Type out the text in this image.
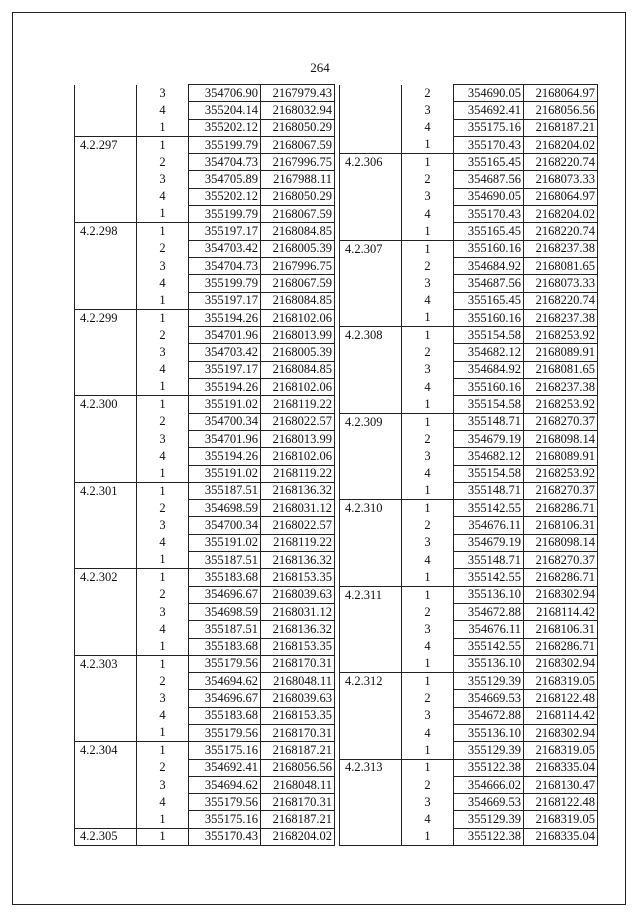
264
	3	354706.90	2167979.43
	4	355204.14	2168032.94
	1	355202.12	2168050.29
4.2.297	1	355199.79	2168067.59
	2	354704.73	2167996.75
	3	354705.89	2167988.11
	4	355202.12	2168050.29
	1	355199.79	2168067.59
4.2.298	1	355197.17	2168084.85
	2	354703.42	2168005.39
	3	354704.73	2167996.75
	4	355199.79	2168067.59
	1	355197.17	2168084.85
4.2.299	1	355194.26	2168102.06
	2	354701.96	2168013.99
	3	354703.42	2168005.39
	4	355197.17	2168084.85
	1	355194.26	2168102.06
4.2.300	1	355191.02	2168119.22
	2	354700.34	2168022.57
	3	354701.96	2168013.99
	4	355194.26	2168102.06
	1	355191.02	2168119.22
4.2.301	1	355187.51	2168136.32
	2	354698.59	2168031.12
	3	354700.34	2168022.57
	4	355191.02	2168119.22
	1	355187.51	2168136.32
4.2.302	1	355183.68	2168153.35
	2	354696.67	2168039.63
	3	354698.59	2168031.12
	4	355187.51	2168136.32
	1	355183.68	2168153.35
4.2.303	1	355179.56	2168170.31
	2	354694.62	2168048.11
	3	354696.67	2168039.63
	4	355183.68	2168153.35
	1	355179.56	2168170.31
4.2.304	1	355175.16	2168187.21
	2	354692.41	2168056.56
	3	354694.62	2168048.11
	4	355179.56	2168170.31
	1	355175.16	2168187.21
4.2.305	1	355170.43	2168204.02
	2	354690.05	2168064.97
	3	354692.41	2168056.56
	4	355175.16	2168187.21
	1	355170.43	2168204.02
4.2.306	1	355165.45	2168220.74
	2	354687.56	2168073.33
	3	354690.05	2168064.97
	4	355170.43	2168204.02
	1	355165.45	2168220.74
4.2.307	1	355160.16	2168237.38
	2	354684.92	2168081.65
	3	354687.56	2168073.33
	4	355165.45	2168220.74
	1	355160.16	2168237.38
4.2.308	1	355154.58	2168253.92
	2	354682.12	2168089.91
	3	354684.92	2168081.65
	4	355160.16	2168237.38
	1	355154.58	2168253.92
4.2.309	1	355148.71	2168270.37
	2	354679.19	2168098.14
	3	354682.12	2168089.91
	4	355154.58	2168253.92
	1	355148.71	2168270.37
4.2.310	1	355142.55	2168286.71
	2	354676.11	2168106.31
	3	354679.19	2168098.14
	4	355148.71	2168270.37
	1	355142.55	2168286.71
4.2.311	1	355136.10	2168302.94
	2	354672.88	2168114.42
	3	354676.11	2168106.31
	4	355142.55	2168286.71
	1	355136.10	2168302.94
4.2.312	1	355129.39	2168319.05
	2	354669.53	2168122.48
	3	354672.88	2168114.42
	4	355136.10	2168302.94
	1	355129.39	2168319.05
4.2.313	1	355122.38	2168335.04
	2	354666.02	2168130.47
	3	354669.53	2168122.48
	4	355129.39	2168319.05
	1	355122.38	2168335.04
